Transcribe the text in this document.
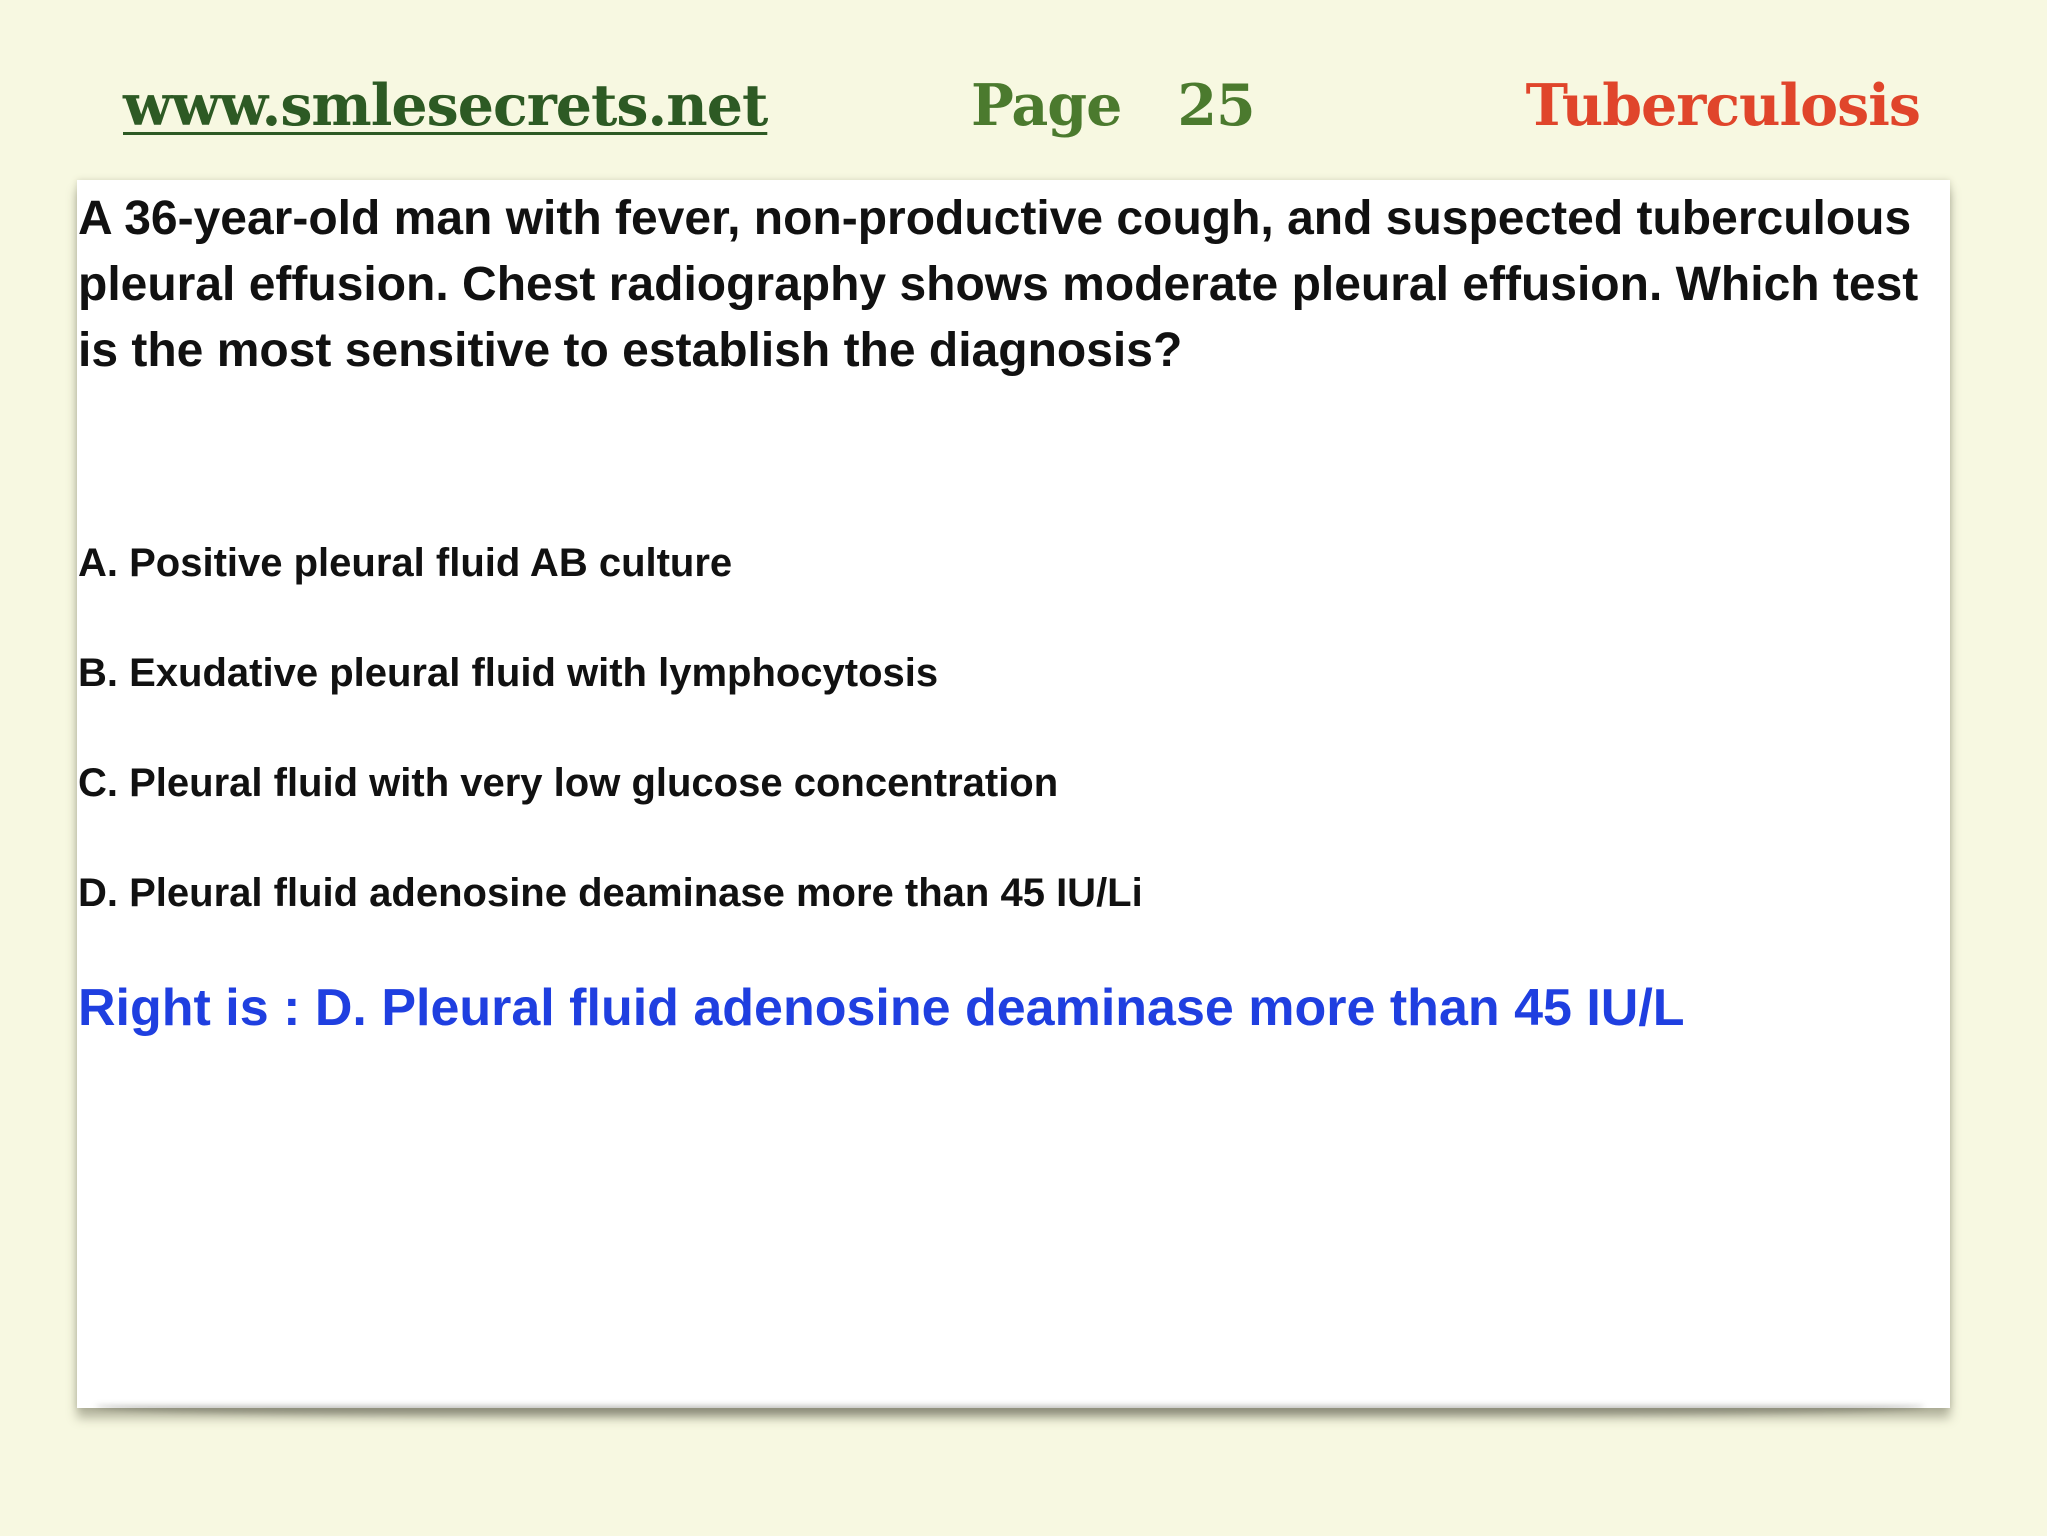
www.smlesecrets.net	Page 25	Tuberculosis

A 36-year-old man with fever, non-productive cough, and suspected tuberculous pleural effusion. Chest radiography shows moderate pleural effusion. Which test is the most sensitive to establish the diagnosis?

A. Positive pleural fluid AB culture
B. Exudative pleural fluid with lymphocytosis
C. Pleural fluid with very low glucose concentration
D. Pleural fluid adenosine deaminase more than 45 IU/Li
Right is : D. Pleural fluid adenosine deaminase more than 45 IU/L
